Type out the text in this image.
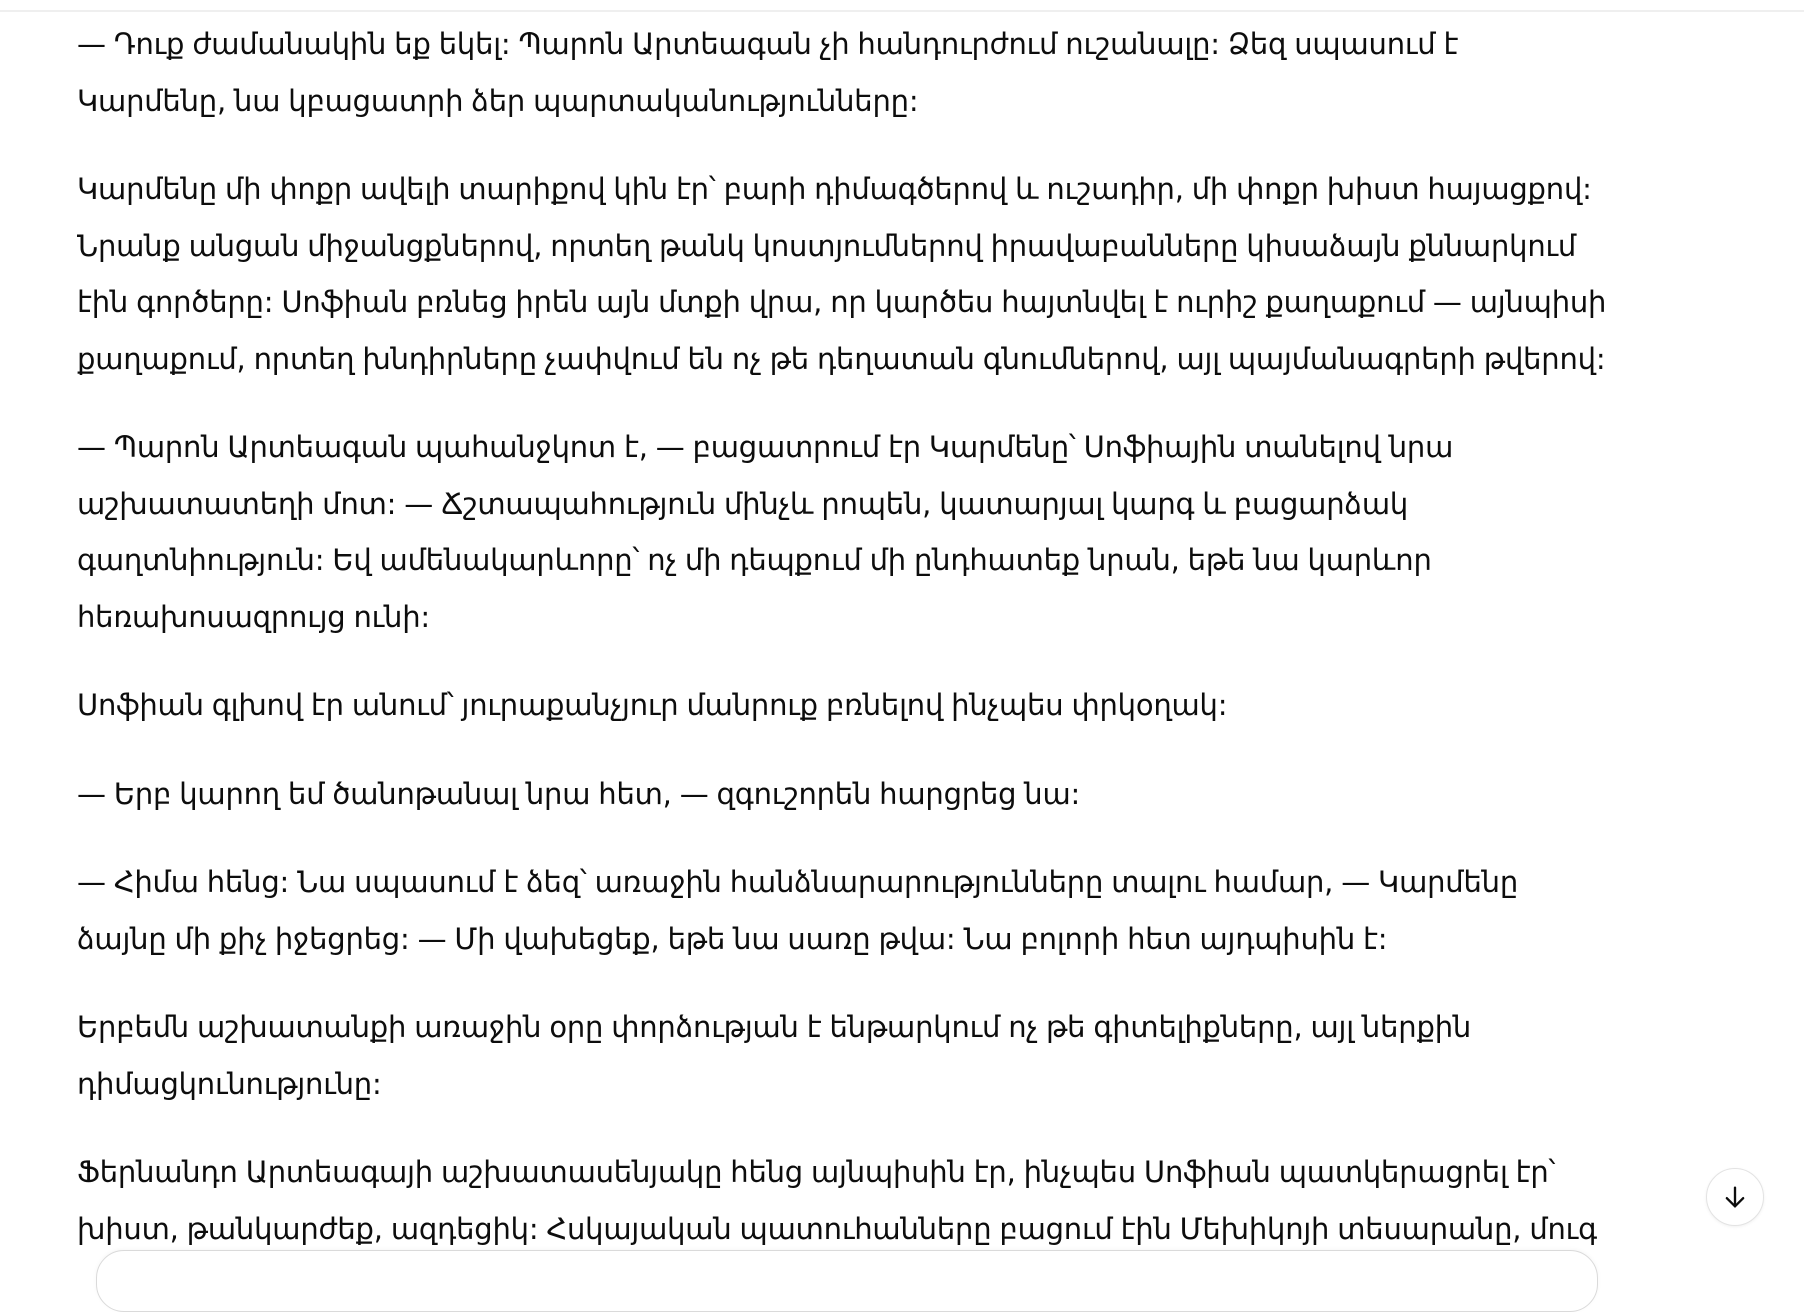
— Դուք ժամանակին եք եկել: Պարոն Արտեագան չի հանդուրժում ուշանալը: Ձեզ սպասում է Կարմենը, նա կբացատրի ձեր պարտականությունները:

Կարմենը մի փոքր ավելի տարիքով կին էր՝ բարի դիմագծերով և ուշադիր, մի փոքր խիստ հայացքով: Նրանք անցան միջանցքներով, որտեղ թանկ կոստյումներով իրավաբանները կիսաձայն քննարկում էին գործերը: Սոֆիան բռնեց իրեն այն մտքի վրա, որ կարծես հայտնվել է ուրիշ քաղաքում — այնպիսի քաղաքում, որտեղ խնդիրները չափվում են ոչ թե դեղատան գնումներով, այլ պայմանագրերի թվերով:

— Պարոն Արտեագան պահանջկոտ է, — բացատրում էր Կարմենը՝ Սոֆիային տանելով նրա աշխատատեղի մոտ: — Ճշտապահություն մինչև րոպեն, կատարյալ կարգ և բացարձակ գաղտնիություն: Եվ ամենակարևորը՝ ոչ մի դեպքում մի ընդհատեք նրան, եթե նա կարևոր հեռախոսազրույց ունի:

Սոֆիան գլխով էր անում՝ յուրաքանչյուր մանրուք բռնելով ինչպես փրկօղակ:

— Երբ կարող եմ ծանոթանալ նրա հետ, — զգուշորեն հարցրեց նա:

— Հիմա հենց: Նա սպասում է ձեզ՝ առաջին հանձնարարությունները տալու համար, — Կարմենը ձայնը մի քիչ իջեցրեց: — Մի վախեցեք, եթե նա սառը թվա: Նա բոլորի հետ այդպիսին է:

Երբեմն աշխատանքի առաջին օրը փորձության է ենթարկում ոչ թե գիտելիքները, այլ ներքին դիմացկունությունը:

Ֆերնանդո Արտեագայի աշխատասենյակը հենց այնպիսին էր, ինչպես Սոֆիան պատկերացրել էր՝ խիստ, թանկարժեք, ազդեցիկ: Հսկայական պատուհանները բացում էին Մեխիկոյի տեսարանը, մուգ
